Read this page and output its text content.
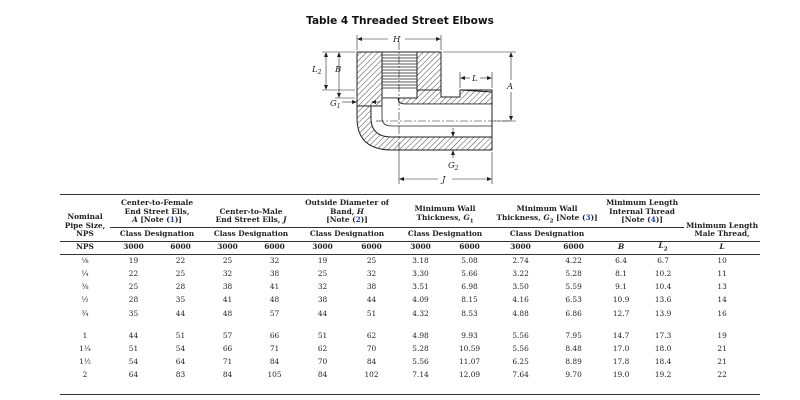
Table 4 Threaded Street Elbows
H
$L_2$ B
L
A
$G_1$
$G_2$
J
Nominal Pipe Size, NPS	Center-to-Female
End Street Ells,
A [Note (1)]		Center-to-Male
End Street Ells, J		Outside Diameter of
Band, H
[Note (2)]		Minimum Wall
Thickness, $G_1$		Minimum Wall
Thickness, $G_2$ [Note (3)]		Minimum Length
Internal Thread
[Note (4)]		Minimum Length Male Thread,
	Class Designation		Class Designation		Class Designation		Class Designation		Class Designation				
NPS	3000	6000	3000	6000	3000	6000	3000	6000	3000	6000	B	$L_2$	L
⅛	19	22	25	32	19	25	3.18	5.08	2.74	4.22	6.4	6.7	10
¼	22	25	32	38	25	32	3.30	5.66	3.22	5.28	8.1	10.2	11
⅜	25	28	38	41	32	38	3.51	6.98	3.50	5.59	9.1	10.4	13
½	28	35	41	48	38	44	4.09	8.15	4.16	6.53	10.9	13.6	14
¾	35	44	48	57	44	51	4.32	8.53	4.88	6.86	12.7	13.9	16

1	44	51	57	66	51	62	4.98	9.93	5.56	7.95	14.7	17.3	19
1¼	51	54	66	71	62	70	5.28	10.59	5.56	8.48	17.0	18.0	21
1½	54	64	71	84	70	84	5.56	11.07	6.25	8.89	17.8	18.4	21
2	64	83	84	105	84	102	7.14	12.09	7.64	9.70	19.0	19.2	22
